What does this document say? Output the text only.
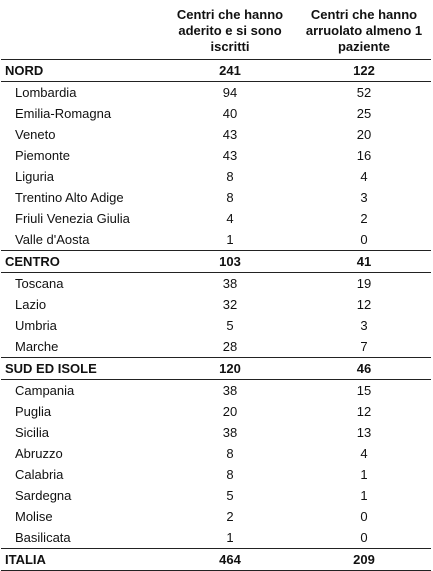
	Centri che hanno aderito e si sono iscritti	Centri che hanno arruolato almeno 1 paziente
NORD	241	122
Lombardia	94	52
Emilia-Romagna	40	25
Veneto	43	20
Piemonte	43	16
Liguria	8	4
Trentino Alto Adige	8	3
Friuli Venezia Giulia	4	2
Valle d'Aosta	1	0
CENTRO	103	41
Toscana	38	19
Lazio	32	12
Umbria	5	3
Marche	28	7
SUD ED ISOLE	120	46
Campania	38	15
Puglia	20	12
Sicilia	38	13
Abruzzo	8	4
Calabria	8	1
Sardegna	5	1
Molise	2	0
Basilicata	1	0
ITALIA	464	209
